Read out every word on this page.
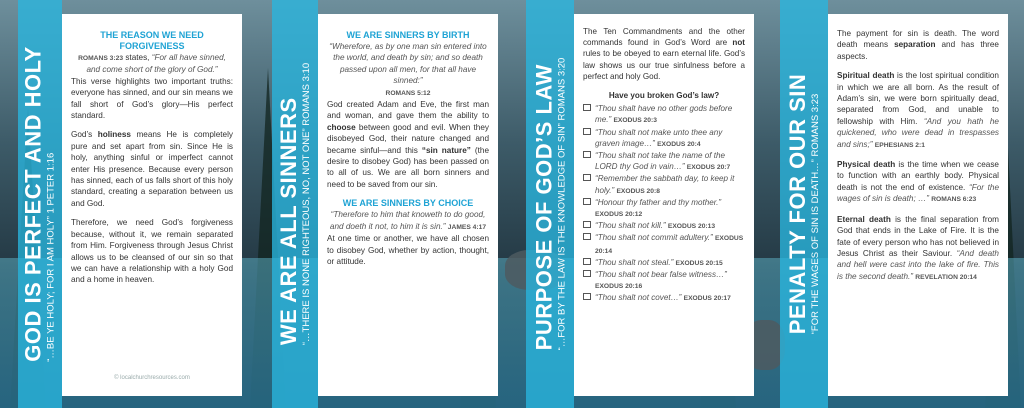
GOD IS PERFECT AND HOLY “…BE YE HOLY; FOR I AM HOLY” 1 PETER 1:16	WE ARE ALL SINNERS “…THERE IS NONE RIGHTEOUS, NO, NOT ONE” ROMANS 3:10	PURPOSE OF GOD’S LAW “…FOR BY THE LAW IS THE KNOWLEDGE OF SIN” ROMANS 3:20	PENALTY FOR OUR SIN “FOR THE WAGES OF SIN IS DEATH…” ROMANS 3:23
THE REASON WE NEED FORGIVENESS

ROMANS 3:23 states, “For all have sinned, and come short of the glory of God.”

This verse highlights two important truths: everyone has sinned, and our sin means we fall short of God’s glory—His perfect standard.

God’s holiness means He is completely pure and set apart from sin. Since He is holy, anything sinful or imperfect cannot enter His presence. Because every person has sinned, each of us falls short of this holy standard, creating a separation between us and God.

Therefore, we need God’s forgiveness because, without it, we remain separated from Him. Forgiveness through Jesus Christ allows us to be cleansed of our sin so that we can have a relationship with a holy God and a home in heaven.

© localchurchresources.com
WE ARE SINNERS BY BIRTH

“Wherefore, as by one man sin entered into the world, and death by sin; and so death passed upon all men, for that all have sinned:”

ROMANS 5:12

God created Adam and Eve, the first man and woman, and gave them the ability to choose between good and evil. When they disobeyed God, their nature changed and became sinful—and this “sin nature” (the desire to disobey God) has been passed on to all of us. We are all born sinners and need to be saved from our sin.

WE ARE SINNERS BY CHOICE

“Therefore to him that knoweth to do good, and doeth it not, to him it is sin.” JAMES 4:17

At one time or another, we have all chosen to disobey God, whether by action, thought, or attitude.

The Ten Commandments and the other commands found in God’s Word are not rules to be obeyed to earn eternal life. God’s law shows us our true sinfulness before a perfect and holy God.

Have you broken God’s law?

“Thou shalt have no other gods before me.” EXODUS 20:3
“Thou shalt not make unto thee any graven image…” EXODUS 20:4
“Thou shalt not take the name of the LORD thy God in vain…” EXODUS 20:7
“Remember the sabbath day, to keep it holy.” EXODUS 20:8
“Honour thy father and thy mother.” EXODUS 20:12
“Thou shalt not kill.” EXODUS 20:13
“Thou shalt not commit adultery.” EXODUS 20:14
“Thou shalt not steal.” EXODUS 20:15
“Thou shalt not bear false witness…” EXODUS 20:16
“Thou shalt not covet…” EXODUS 20:17

The payment for sin is death. The word death means separation and has three aspects.

Spiritual death is the lost spiritual condition in which we are all born. As the result of Adam’s sin, we were born spiritually dead, separated from God, and unable to fellowship with Him. “And you hath he quickened, who were dead in trespasses and sins;” EPHESIANS 2:1

Physical death is the time when we cease to function with an earthly body. Physical death is not the end of existence. “For the wages of sin is death; …” ROMANS 6:23

Eternal death is the final separation from God that ends in the Lake of Fire. It is the fate of every person who has not believed in Jesus Christ as their Saviour. “And death and hell were cast into the lake of fire. This is the second death.” REVELATION 20:14
